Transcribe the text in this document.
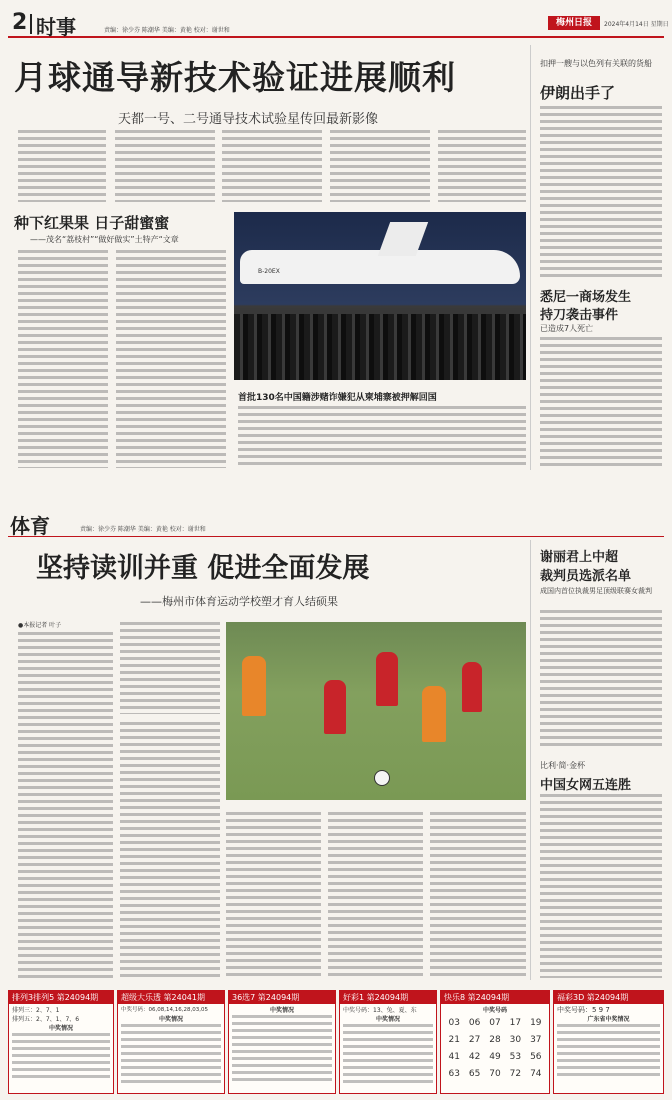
2 时事	责编：徐少芬 陈潮华 美编：黄艳 校对：谢世和
梅州日报	2024年4月14日 星期日
月球通导新技术验证进展顺利
天都一号、二号通导技术试验星传回最新影像
种下红果果 日子甜蜜蜜
——茂名“荔枝村”“做好做实”土特产“文章
B-20EX
首批130名中国籍涉赌诈嫌犯从柬埔寨被押解回国
扣押一艘与以色列有关联的货船
伊朗出手了
悉尼一商场发生
持刀袭击事件
已造成7人死亡
体育	责编：徐少芬 陈潮华 美编：黄艳 校对：谢世和
坚持读训并重 促进全面发展
——梅州市体育运动学校塑才育人结硕果
●本报记者 叶子
谢丽君上中超
裁判员选派名单
成国内首位执裁男足顶级联赛女裁判
比利·简·金杯
中国女网五连胜
排列3排列5 第24094期
排列三：2、7、1
排列五：2、7、1、7、6
中奖情况
超级大乐透 第24041期
中奖号码：06,08,14,16,28,03,05
中奖情况
36选7 第24094期
中奖情况
好彩1 第24094期
中奖号码：13、兔、夏、东
中奖情况
快乐8 第24094期
中奖号码
03 06 07 17 19
21 27 28 30 37
41 42 49 53 56
63 65 70 72 74
福彩3D 第24094期
中奖号码：5 9 7
广东省中奖情况
